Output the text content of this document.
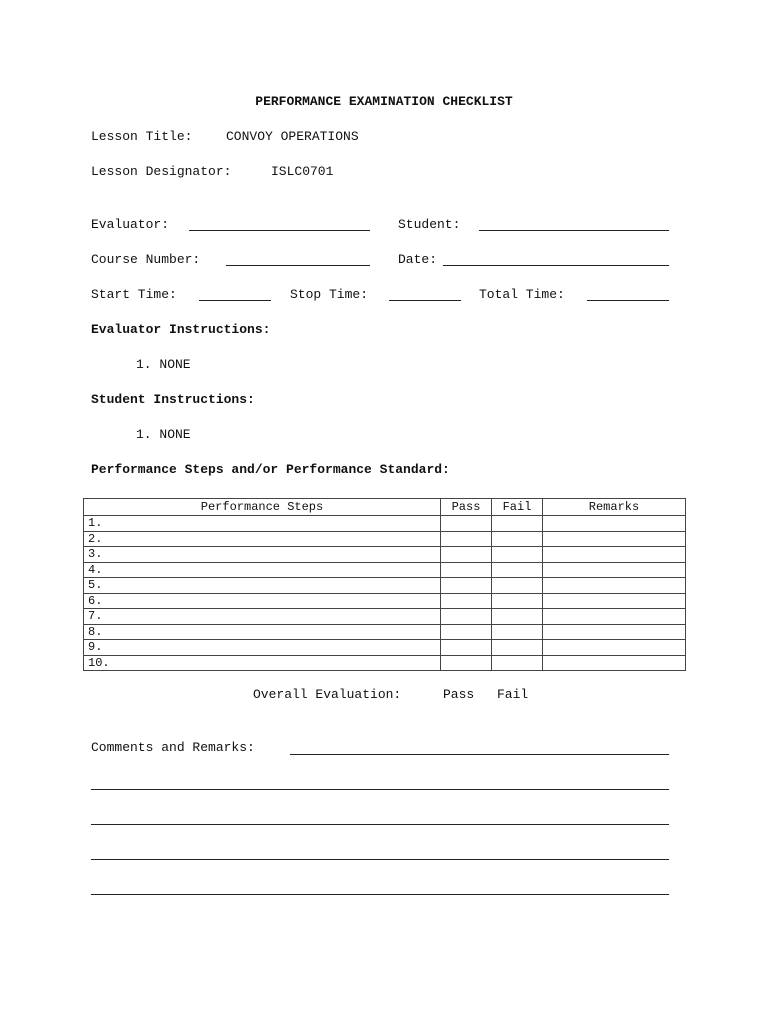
PERFORMANCE EXAMINATION CHECKLIST
Lesson Title:	CONVOY OPERATIONS
Lesson Designator:	ISLC0701
Evaluator:	Student:
Course Number:	Date:
Start Time:	Stop Time:	Total Time:
Evaluator Instructions:
1. NONE
Student Instructions:
1. NONE
Performance Steps and/or Performance Standard:
Performance Steps	Pass	Fail	Remarks
1.			
2.			
3.			
4.			
5.			
6.			
7.			
8.			
9.			
10.			
Overall Evaluation:	Pass Fail
Comments and Remarks:
